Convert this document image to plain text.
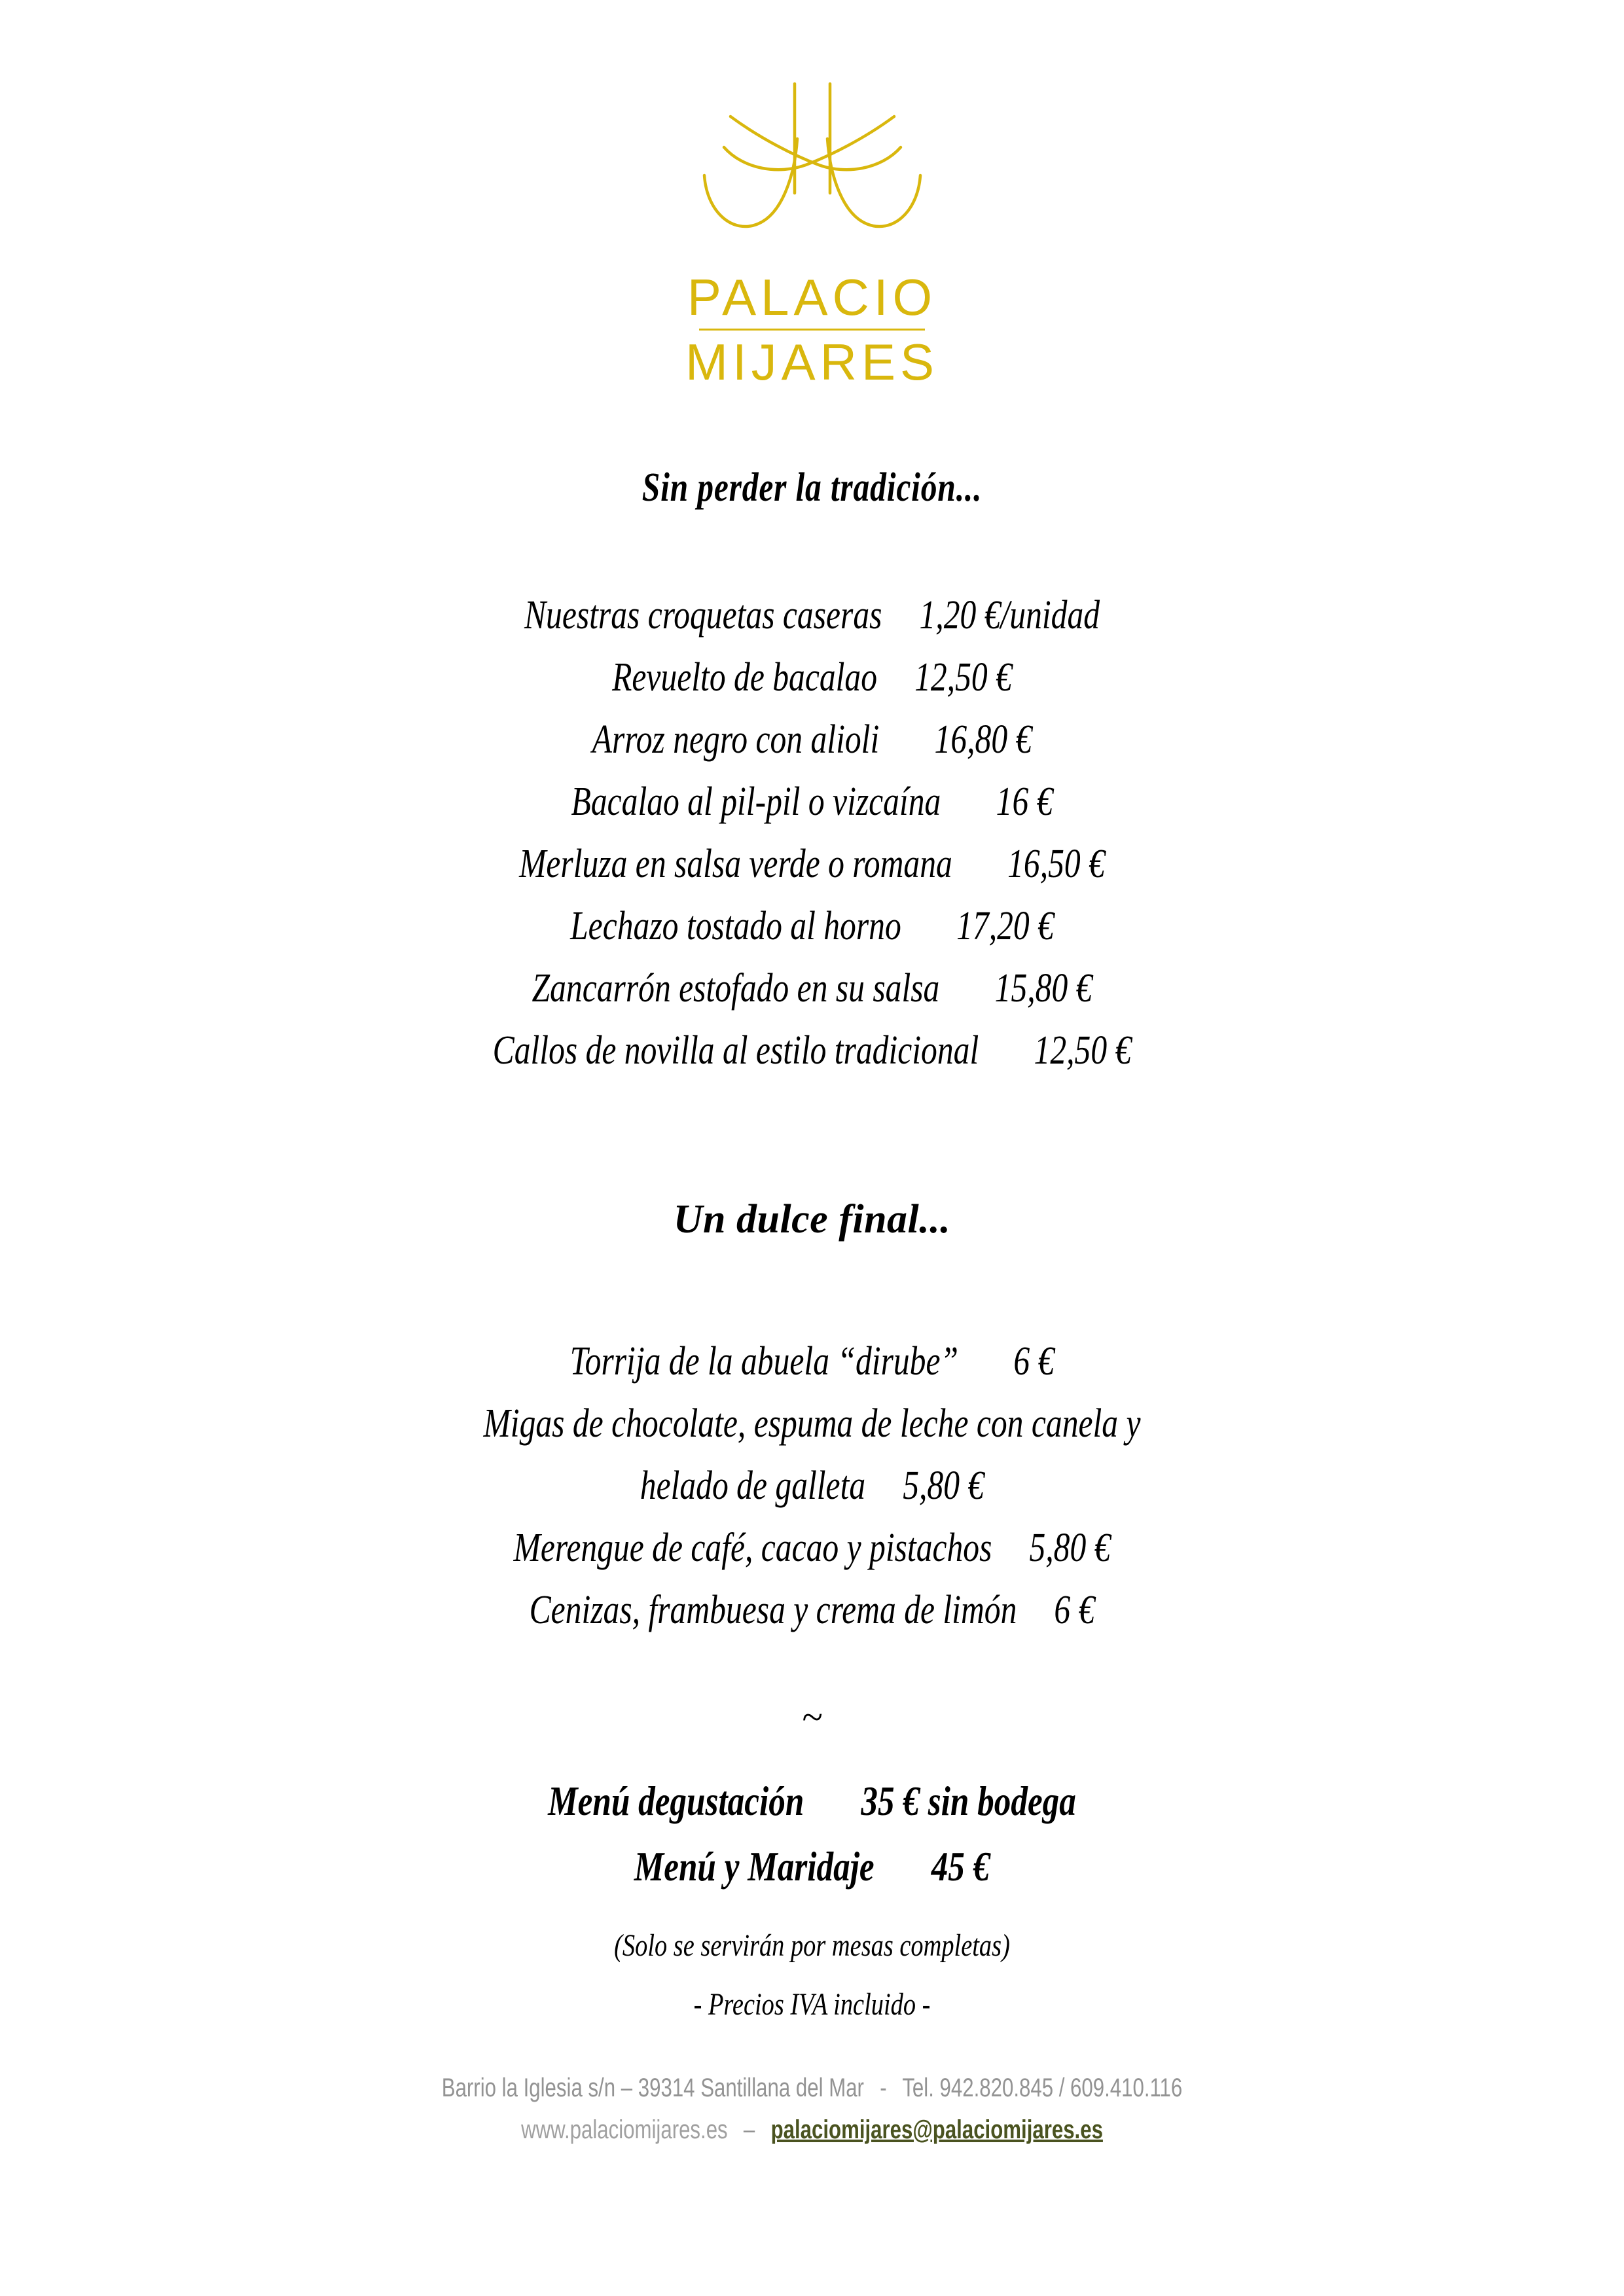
PALACIO
MIJARES
Sin perder la tradición...
Nuestras croquetas caseras 1,20 €/unidad
Revuelto de bacalao 12,50 €
Arroz negro con alioli 16,80 €
Bacalao al pil-pil o vizcaína 16 €
Merluza en salsa verde o romana 16,50 €
Lechazo tostado al horno 17,20 €
Zancarrón estofado en su salsa 15,80 €
Callos de novilla al estilo tradicional 12,50 €
Un dulce final...
Torrija de la abuela “dirube” 6 €
Migas de chocolate, espuma de leche con canela y
helado de galleta 5,80 €
Merengue de café, cacao y pistachos 5,80 €
Cenizas, frambuesa y crema de limón 6 €
~
Menú degustación 35 € sin bodega
Menú y Maridaje 45 €
(Solo se servirán por mesas completas)
- Precios IVA incluido -
Barrio la Iglesia s/n – 39314 Santillana del Mar - Tel. 942.820.845 / 609.410.116
www.palaciomijares.es – palaciomijares@palaciomijares.es
